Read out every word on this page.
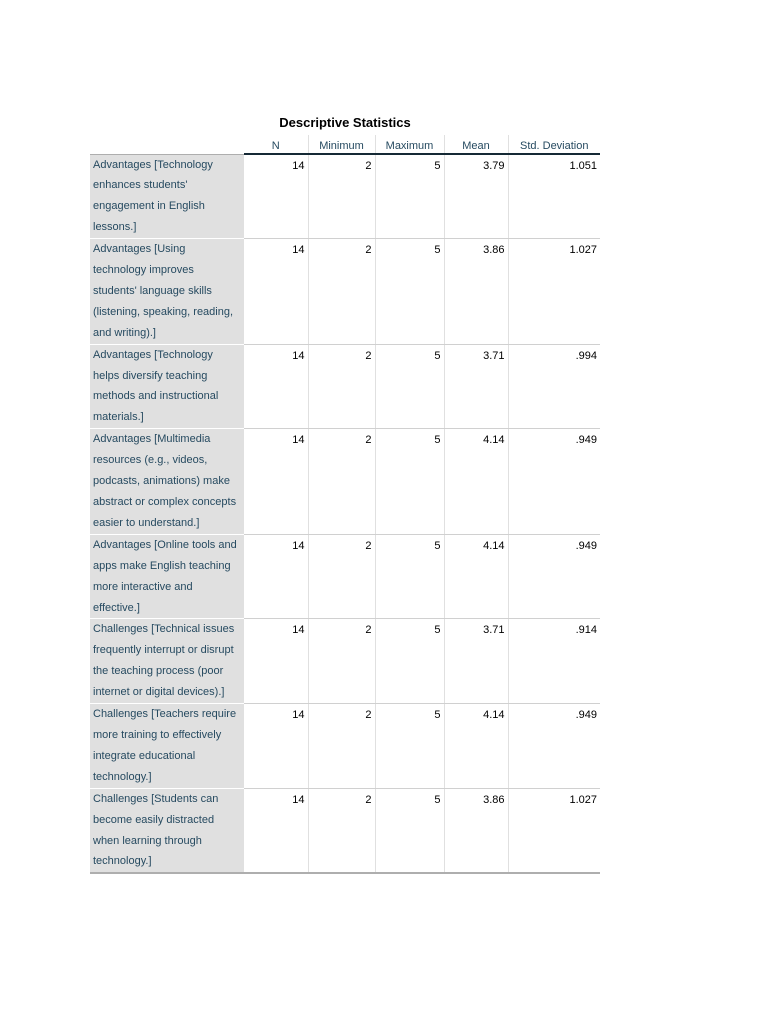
Descriptive Statistics
	N	Minimum	Maximum	Mean	Std. Deviation
Advantages [Technology enhances students' engagement in English lessons.]	14	2	5	3.79	1.051
Advantages [Using technology improves students' language skills (listening, speaking, reading, and writing).]	14	2	5	3.86	1.027
Advantages [Technology helps diversify teaching methods and instructional materials.]	14	2	5	3.71	.994
Advantages [Multimedia resources (e.g., videos, podcasts, animations) make abstract or complex concepts easier to understand.]	14	2	5	4.14	.949
Advantages [Online tools and apps make English teaching more interactive and effective.]	14	2	5	4.14	.949
Challenges [Technical issues frequently interrupt or disrupt the teaching process (poor internet or digital devices).]	14	2	5	3.71	.914
Challenges [Teachers require more training to effectively integrate educational technology.]	14	2	5	4.14	.949
Challenges [Students can become easily distracted when learning through technology.]	14	2	5	3.86	1.027
